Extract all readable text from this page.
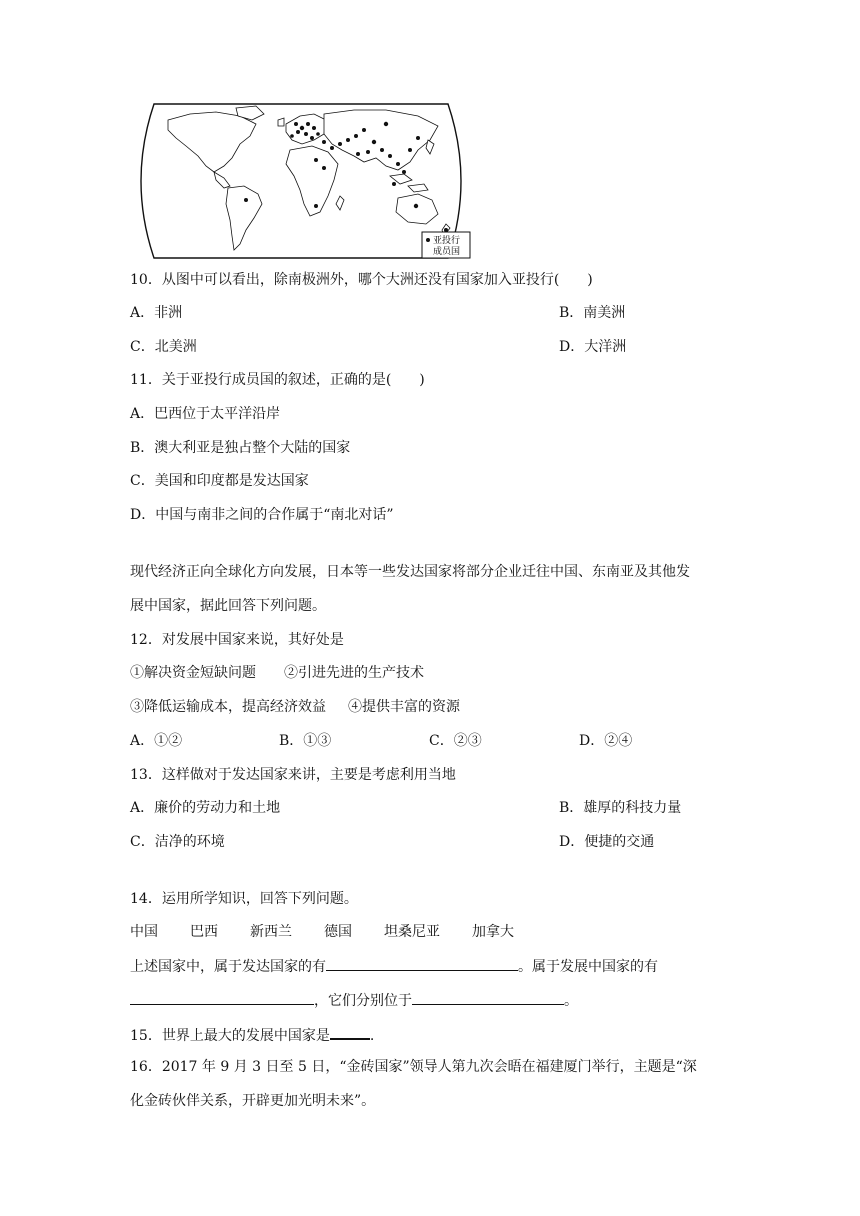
亚投行
成员国
10．从图中可以看出，除南极洲外，哪个大洲还没有国家加入亚投行(　　)
A．非洲	B．南美洲
C．北美洲	D．大洋洲
11．关于亚投行成员国的叙述，正确的是(　　)
A．巴西位于太平洋沿岸
B．澳大利亚是独占整个大陆的国家
C．美国和印度都是发达国家
D．中国与南非之间的合作属于“南北对话”
现代经济正向全球化方向发展，日本等一些发达国家将部分企业迁往中国、东南亚及其他发
展中国家，据此回答下列问题。
12．对发展中国家来说，其好处是
①解决资金短缺问题 ②引进先进的生产技术
③降低运输成本，提高经济效益 ④提供丰富的资源
A．①②	B．①③	C．②③	D．②④
13．这样做对于发达国家来讲，主要是考虑利用当地
A．廉价的劳动力和土地	B．雄厚的科技力量
C．洁净的环境	D．便捷的交通
14．运用所学知识，回答下列问题。
中国 巴西 新西兰 德国 坦桑尼亚 加拿大
上述国家中，属于发达国家的有	。属于发展中国家的有
，它们分别位于	。
15．世界上最大的发展中国家是	.
16．2017 年 9 月 3 日至 5 日，“金砖国家”领导人第九次会晤在福建厦门举行，主题是“深
化金砖伙伴关系，开辟更加光明未来”。
